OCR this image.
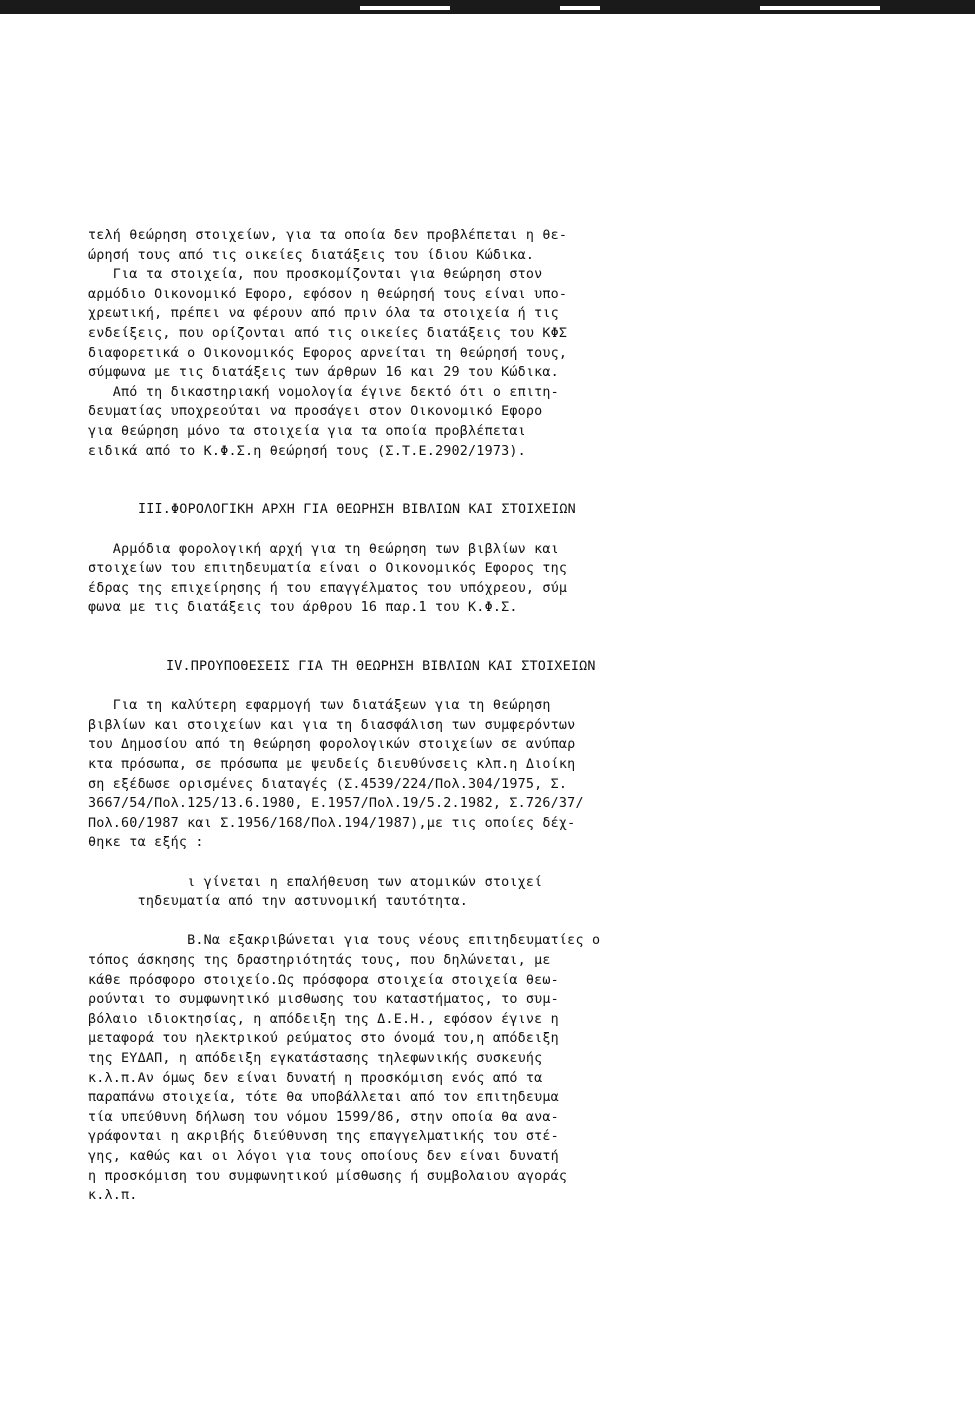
τελή θεώρηση στοιχείων, για τα οποία δεν προβλέπεται η θε-
ώρησή τους από τις οικείες διατάξεις του ίδιου Κώδικα.
Για τα στοιχεία, που προσκομίζονται για θεώρηση στον
αρμόδιο Οικονομικό Εφορο, εφόσον η θεώρησή τους είναι υπο-
χρεωτική, πρέπει να φέρουν από πριν όλα τα στοιχεία ή τις
ενδείξεις, που ορίζονται από τις οικείες διατάξεις του ΚΦΣ
διαφορετικά ο Οικονομικός Εφορος αρνείται τη θεώρησή τους,
σύμφωνα με τις διατάξεις των άρθρων 16 και 29 του Κώδικα.
Από τη δικαστηριακή νομολογία έγινε δεκτό ότι ο επιτη-
δευματίας υποχρεούται να προσάγει στον Οικονομικό Εφορο
για θεώρηση μόνο τα στοιχεία για τα οποία προβλέπεται
ειδικά από το Κ.Φ.Σ.η θεώρησή τους (Σ.Τ.Ε.2902/1973).
III.ΦΟΡΟΛΟΓΙΚΗ ΑΡΧΗ ΓΙΑ ΘΕΩΡΗΣΗ ΒΙΒΛΙΩΝ ΚΑΙ ΣΤΟΙΧΕΙΩΝ
Αρμόδια φορολογική αρχή για τη θεώρηση των βιβλίων και
στοιχείων του επιτηδευματία είναι ο Οικονομικός Εφορος της
έδρας της επιχείρησης ή του επαγγέλματος του υπόχρεου, σύμ
φωνα με τις διατάξεις του άρθρου 16 παρ.1 του Κ.Φ.Σ.
IV.ΠΡΟΥΠΟΘΕΣΕΙΣ ΓΙΑ ΤΗ ΘΕΩΡΗΣΗ ΒΙΒΛΙΩΝ ΚΑΙ ΣΤΟΙΧΕΙΩΝ
Για τη καλύτερη εφαρμογή των διατάξεων για τη θεώρηση
βιβλίων και στοιχείων και για τη διασφάλιση των συμφερόντων
του Δημοσίου από τη θεώρηση φορολογικών στοιχείων σε ανύπαρ
κτα πρόσωπα, σε πρόσωπα με ψευδείς διευθύνσεις κλπ.η Διοίκη
ση εξέδωσε ορισμένες διαταγές (Σ.4539/224/Πολ.304/1975, Σ.
3667/54/Πολ.125/13.6.1980, Ε.1957/Πολ.19/5.2.1982, Σ.726/37/
Πολ.60/1987 και Σ.1956/168/Πολ.194/1987),με τις οποίες δέχ-
θηκε τα εξής :
ι γίνεται η επαλήθευση των ατομικών στοιχεί
τηδευματία από την αστυνομική ταυτότητα.
Β.Να εξακριβώνεται για τους νέους επιτηδευματίες ο
τόπος άσκησης της δραστηριότητάς τους, που δηλώνεται, με
κάθε πρόσφορο στοιχείο.Ως πρόσφορα στοιχεία στοιχεία θεω-
ρούνται το συμφωνητικό μισθωσης του καταστήματος, το συμ-
βόλαιο ιδιοκτησίας, η απόδειξη της Δ.Ε.Η., εφόσον έγινε η
μεταφορά του ηλεκτρικού ρεύματος στο όνομά του,η απόδειξη
της ΕΥΔΑΠ, η απόδειξη εγκατάστασης τηλεφωνικής συσκευής
κ.λ.π.Αν όμως δεν είναι δυνατή η προσκόμιση ενός από τα
παραπάνω στοιχεία, τότε θα υποβάλλεται από τον επιτηδευμα
τία υπεύθυνη δήλωση του νόμου 1599/86, στην οποία θα ανα-
γράφονται η ακριβής διεύθυνση της επαγγελματικής του στέ-
γης, καθώς και οι λόγοι για τους οποίους δεν είναι δυνατή
η προσκόμιση του συμφωνητικού μίσθωσης ή συμβολαιου αγοράς
κ.λ.π.
